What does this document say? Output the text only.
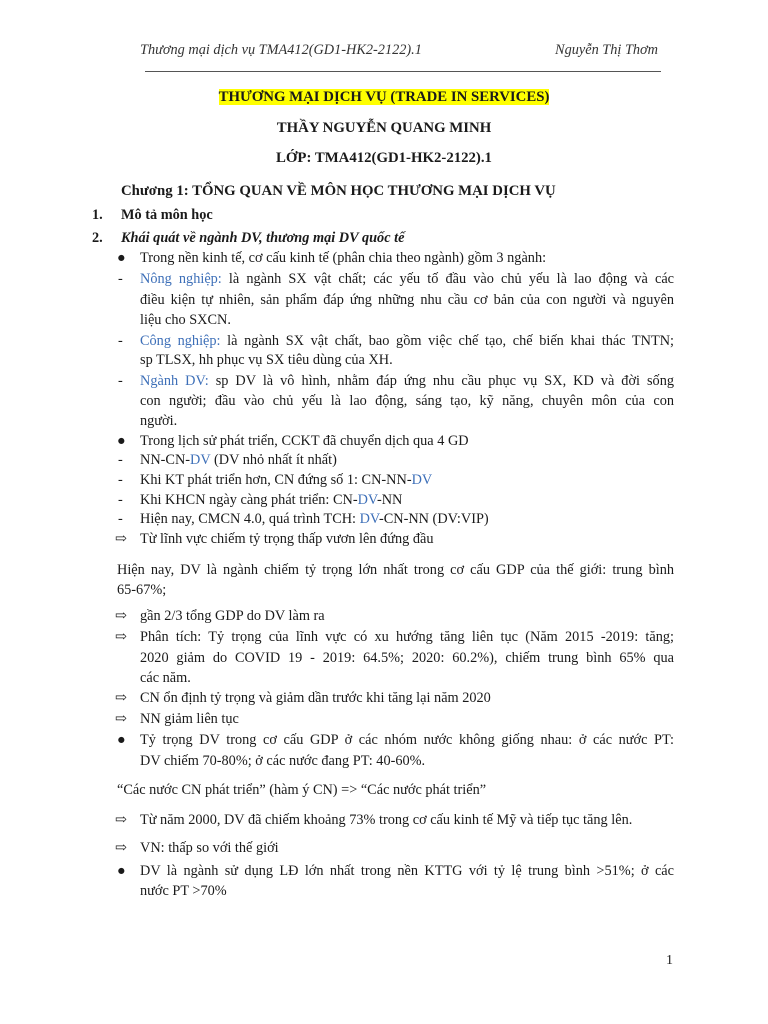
Thương mại dịch vụ TMA412(GD1-HK2-2122).1	Nguyễn Thị Thơm
THƯƠNG MẠI DỊCH VỤ (TRADE IN SERVICES)
THẦY NGUYỄN QUANG MINH
LỚP: TMA412(GD1-HK2-2122).1
Chương 1: TỔNG QUAN VỀ MÔN HỌC THƯƠNG MẠI DỊCH VỤ
1. Mô tả môn học
2. Khái quát về ngành DV, thương mại DV quốc tế
● Trong nền kinh tế, cơ cấu kinh tế (phân chia theo ngành) gồm 3 ngành:
- Nông nghiệp: là ngành SX vật chất; các yếu tố đầu vào chủ yếu là lao động và các
điều kiện tự nhiên, sản phẩm đáp ứng những nhu cầu cơ bản của con người và nguyên
liệu cho SXCN.
- Công nghiệp: là ngành SX vật chất, bao gồm việc chế tạo, chế biến khai thác TNTN;
sp TLSX, hh phục vụ SX tiêu dùng của XH.
- Ngành DV: sp DV là vô hình, nhằm đáp ứng nhu cầu phục vụ SX, KD và đời sống
con người; đầu vào chủ yếu là lao động, sáng tạo, kỹ năng, chuyên môn của con
người.
● Trong lịch sử phát triển, CCKT đã chuyển dịch qua 4 GD
- NN-CN-DV (DV nhỏ nhất ít nhất)
- Khi KT phát triển hơn, CN đứng số 1: CN-NN-DV
- Khi KHCN ngày càng phát triển: CN-DV-NN
- Hiện nay, CMCN 4.0, quá trình TCH: DV-CN-NN (DV:VIP)
⇨ Từ lĩnh vực chiếm tỷ trọng thấp vươn lên đứng đầu
Hiện nay, DV là ngành chiếm tỷ trọng lớn nhất trong cơ cấu GDP của thế giới: trung bình
65-67%;
⇨ gần 2/3 tổng GDP do DV làm ra
⇨ Phân tích: Tỷ trọng của lĩnh vực có xu hướng tăng liên tục (Năm 2015 -2019: tăng;
2020 giảm do COVID 19 - 2019: 64.5%; 2020: 60.2%), chiếm trung bình 65% qua
các năm.
⇨ CN ổn định tỷ trọng và giảm dần trước khi tăng lại năm 2020
⇨ NN giảm liên tục
● Tỷ trọng DV trong cơ cấu GDP ở các nhóm nước không giống nhau: ở các nước PT:
DV chiếm 70-80%; ở các nước đang PT: 40-60%.
“Các nước CN phát triển” (hàm ý CN) => “Các nước phát triển”
⇨ Từ năm 2000, DV đã chiếm khoảng 73% trong cơ cấu kinh tế Mỹ và tiếp tục tăng lên.
⇨ VN: thấp so với thế giới
● DV là ngành sử dụng LĐ lớn nhất trong nền KTTG với tỷ lệ trung bình >51%; ở các
nước PT >70%
1
